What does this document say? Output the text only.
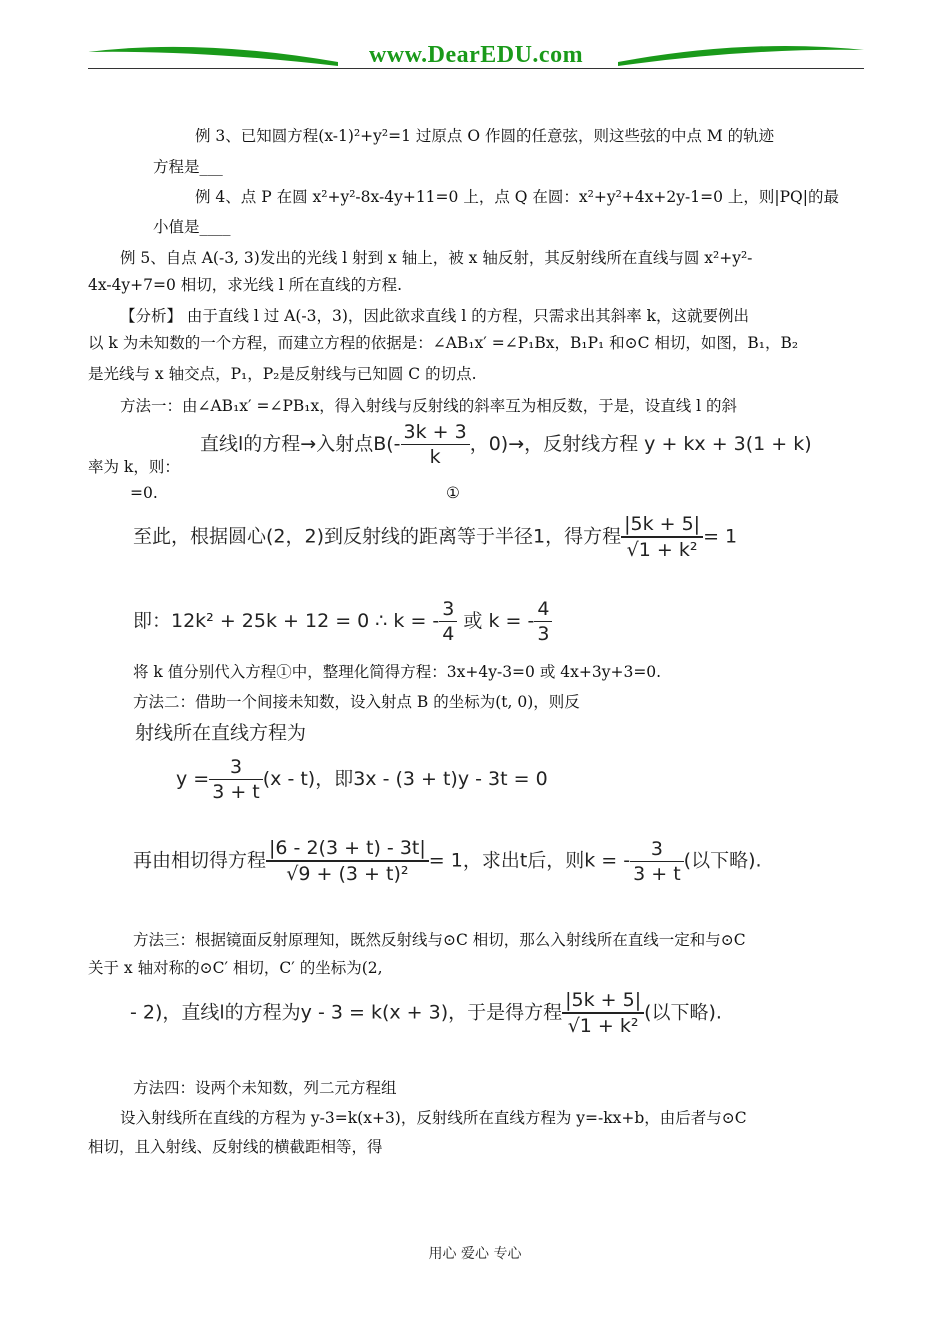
www.DearEDU.com
例 3、已知圆方程(x-1)²+y²=1 过原点 O 作圆的任意弦，则这些弦的中点 M 的轨迹
方程是___
例 4、点 P 在圆 x²+y²-8x-4y+11=0 上，点 Q 在圆：x²+y²+4x+2y-1=0 上，则|PQ|的最
小值是____
例 5、自点 A(-3, 3)发出的光线 l 射到 x 轴上，被 x 轴反射，其反射线所在直线与圆 x²+y²-
4x-4y+7=0 相切，求光线 l 所在直线的方程.
【分析】 由于直线 l 过 A(-3，3)，因此欲求直线 l 的方程，只需求出其斜率 k，这就要例出
以 k 为未知数的一个方程，而建立方程的依据是：∠AB₁x′ =∠P₁Bx，B₁P₁ 和⊙C 相切，如图，B₁，B₂
是光线与 x 轴交点，P₁，P₂是反射线与已知圆 C 的切点.
方法一：由∠AB₁x′ =∠PB₁x，得入射线与反射线的斜率互为相反数，于是，设直线 l 的斜
直线l的方程→入射点$B(- \frac{3k + 3}{k}$ ，0)→，反射线方程 y + kx + 3(1 + k)
率为 k，则：
=0.	①
至此，根据圆心(2，2)到反射线的距离等于半径1，得方程 $\frac{|5k + 5|}{\text{√1 + k²}} = 1$
即：12k² + 25k + 12 = 0 ∴ k = - $\frac{3}{4}$ 或 k = - $\frac{4}{3}$
将 k 值分别代入方程①中，整理化简得方程：3x+4y-3=0 或 4x+3y+3=0.
方法二：借助一个间接未知数，设入射点 B 的坐标为(t, 0)，则反
射线所在直线方程为
$y = \frac{3}{3 + t} (x - t)$，即3x - (3 + t)y - 3t = 0
再由相切得方程 $\frac{|6 - 2(3 + t) - 3t|}{\text{√9 + (3 + t)²}} = 1$，求出t后，则k = - $\frac{3}{3 + t}$ (以下略).
方法三：根据镜面反射原理知，既然反射线与⊙C 相切，那么入射线所在直线一定和与⊙C
关于 x 轴对称的⊙C′ 相切，C′ 的坐标为(2,
- 2)，直线l的方程为y - 3 = k(x + 3)，于是得方程 $\frac{|5k + 5|}{\text{√1 + k²}}$ (以下略).
方法四：设两个未知数，列二元方程组
设入射线所在直线的方程为 y-3=k(x+3)，反射线所在直线方程为 y=-kx+b，由后者与⊙C
相切，且入射线、反射线的横截距相等，得
用心 爱心 专心
